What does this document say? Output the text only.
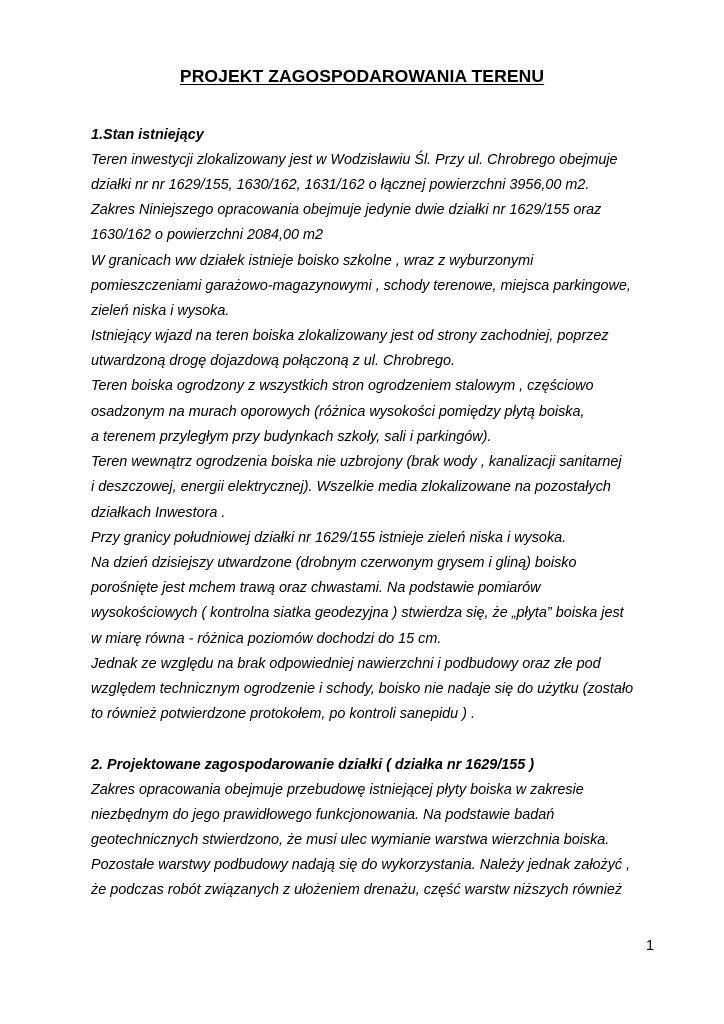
PROJEKT ZAGOSPODAROWANIA TERENU
1.Stan istniejący
Teren inwestycji zlokalizowany jest w Wodzisławiu Śl. Przy ul. Chrobrego obejmuje
działki nr nr 1629/155, 1630/162, 1631/162 o łącznej powierzchni 3956,00 m2.
Zakres Niniejszego opracowania obejmuje jedynie dwie działki nr 1629/155 oraz
1630/162 o powierzchni 2084,00 m2
W granicach ww działek istnieje boisko szkolne , wraz z wyburzonymi
pomieszczeniami garażowo-magazynowymi , schody terenowe, miejsca parkingowe,
zieleń niska i wysoka.
Istniejący wjazd na teren boiska zlokalizowany jest od strony zachodniej, poprzez
utwardzoną drogę dojazdową połączoną z ul. Chrobrego.
Teren boiska ogrodzony z wszystkich stron ogrodzeniem stalowym , częściowo
osadzonym na murach oporowych (różnica wysokości pomiędzy płytą boiska,
a terenem przyległym przy budynkach szkoły, sali i parkingów).
Teren wewnątrz ogrodzenia boiska nie uzbrojony (brak wody , kanalizacji sanitarnej
i deszczowej, energii elektrycznej). Wszelkie media zlokalizowane na pozostałych
działkach Inwestora .
Przy granicy południowej działki nr 1629/155 istnieje zieleń niska i wysoka.
Na dzień dzisiejszy utwardzone (drobnym czerwonym grysem i gliną) boisko
porośnięte jest mchem trawą oraz chwastami. Na podstawie pomiarów
wysokościowych ( kontrolna siatka geodezyjna ) stwierdza się, że „płyta” boiska jest
w miarę równa - różnica poziomów dochodzi do 15 cm.
Jednak ze względu na brak odpowiedniej nawierzchni i podbudowy oraz złe pod
względem technicznym ogrodzenie i schody, boisko nie nadaje się do użytku (zostało
to również potwierdzone protokołem, po kontroli sanepidu ) .
2. Projektowane zagospodarowanie działki ( działka nr 1629/155 )
Zakres opracowania obejmuje przebudowę istniejącej płyty boiska w zakresie
niezbędnym do jego prawidłowego funkcjonowania. Na podstawie badań
geotechnicznych stwierdzono, że musi ulec wymianie warstwa wierzchnia boiska.
Pozostałe warstwy podbudowy nadają się do wykorzystania. Należy jednak założyć ,
że podczas robót związanych z ułożeniem drenażu, część warstw niższych również
1
